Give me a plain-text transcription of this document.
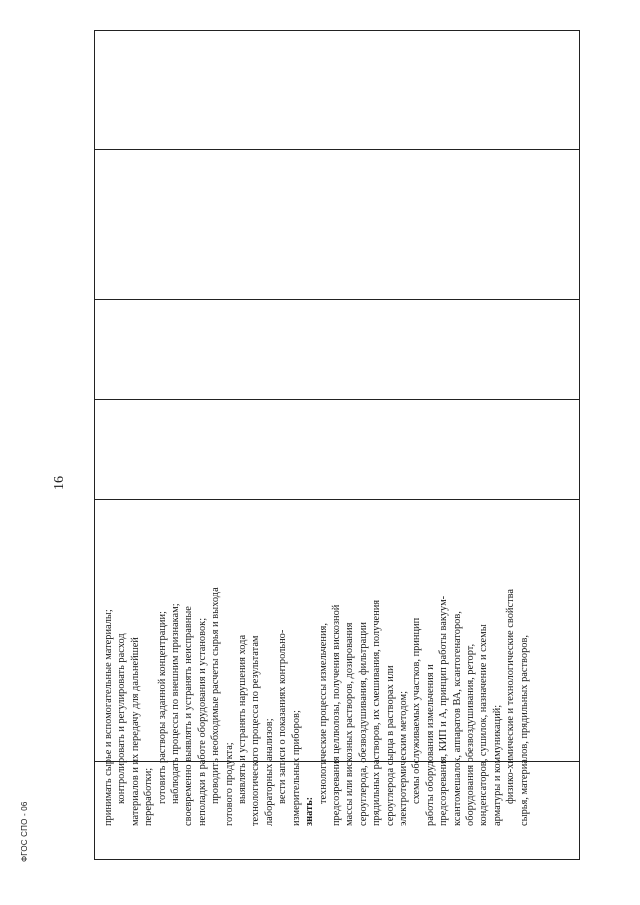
16
ФГОС СПО - 06
принимать сырье и вспомогательные материалы; контролировать и регулировать расход материалов и их передачу для дальнейшей переработки; готовить растворы заданной концентрации; наблюдать процессы по внешним признакам; своевременно выявлять и устранять неисправные неполадки в работе оборудования и установок; проводить необходимые расчеты сырья и выхода готового продукта; выявлять и устранять нарушения хода технологического процесса по результатам лабораторных анализов; вести записи о показаниях контрольно- измерительных приборов; знать:
технологические процессы измельчения, предсозревания целлюлозы, получения вискозной массы или вискозных растворов, дозирования сероуглерода, обезвоздушивания, фильтрации прядильных растворов, их смешивания, получения сероуглерода сырца в растворах или электротермическим методом; схемы обслуживаемых участков, принцип работы оборудования измельчения и предсозревания, КИП и А, принцип работы вакуум- ксантомешалок, аппаратов ВА, ксантогенаторов, оборудования обезвоздушивания, реторт, конденсаторов, сушилок, назначение и схемы арматуры и коммуникаций; физико-химические и технологические свойства сырья, материалов, прядильных растворов,
